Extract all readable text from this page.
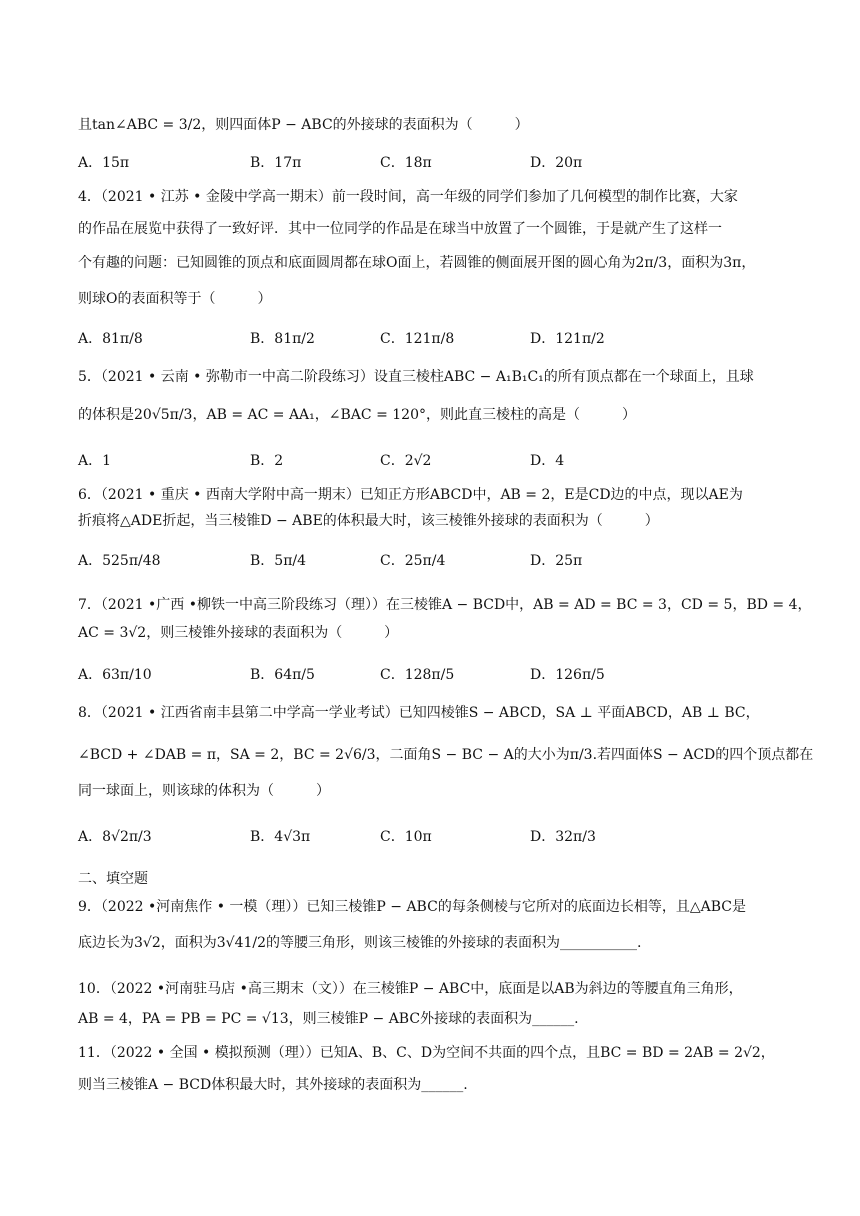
且tan∠ABC = 3/2，则四面体P − ABC的外接球的表面积为（　　　）
A．15π	B．17π	C．18π	D．20π
4．（2021 • 江苏 • 金陵中学高一期末）前一段时间，高一年级的同学们参加了几何模型的制作比赛，大家
的作品在展览中获得了一致好评．其中一位同学的作品是在球当中放置了一个圆锥，于是就产生了这样一
个有趣的问题：已知圆锥的顶点和底面圆周都在球O面上，若圆锥的侧面展开图的圆心角为2π/3，面积为3π，
则球O的表面积等于（　　　）
A．81π/8	B．81π/2	C．121π/8	D．121π/2
5．（2021 • 云南 • 弥勒市一中高二阶段练习）设直三棱柱ABC − A₁B₁C₁的所有顶点都在一个球面上，且球
的体积是20√5π/3，AB = AC = AA₁，∠BAC = 120°，则此直三棱柱的高是（　　　）
A．1	B．2	C．2√2	D．4
6．（2021 • 重庆 • 西南大学附中高一期末）已知正方形ABCD中，AB = 2，E是CD边的中点，现以AE为
折痕将△ADE折起，当三棱锥D − ABE的体积最大时，该三棱锥外接球的表面积为（　　　）
A．525π/48	B．5π/4	C．25π/4	D．25π
7．（2021 •广西 •柳铁一中高三阶段练习（理））在三棱锥A − BCD中，AB = AD = BC = 3，CD = 5，BD = 4，
AC = 3√2，则三棱锥外接球的表面积为（　　　）
A．63π/10	B．64π/5	C．128π/5	D．126π/5
8．（2021 • 江西省南丰县第二中学高一学业考试）已知四棱锥S − ABCD，SA ⊥ 平面ABCD，AB ⊥ BC，
∠BCD + ∠DAB = π，SA = 2，BC = 2√6/3，二面角S − BC − A的大小为π/3.若四面体S − ACD的四个顶点都在
同一球面上，则该球的体积为（　　　）
A．8√2π/3	B．4√3π	C．10π	D．32π/3
二、填空题
9．（2022 •河南焦作 • 一模（理））已知三棱锥P − ABC的每条侧棱与它所对的底面边长相等，且△ABC是
底边长为3√2，面积为3√41/2的等腰三角形，则该三棱锥的外接球的表面积为___________.
10．（2022 •河南驻马店 •高三期末（文））在三棱锥P − ABC中，底面是以AB为斜边的等腰直角三角形，
AB = 4，PA = PB = PC = √13，则三棱锥P − ABC外接球的表面积为______.
11．（2022 • 全国 • 模拟预测（理））已知A、B、C、D为空间不共面的四个点，且BC = BD = 2AB = 2√2，
则当三棱锥A − BCD体积最大时，其外接球的表面积为______.
